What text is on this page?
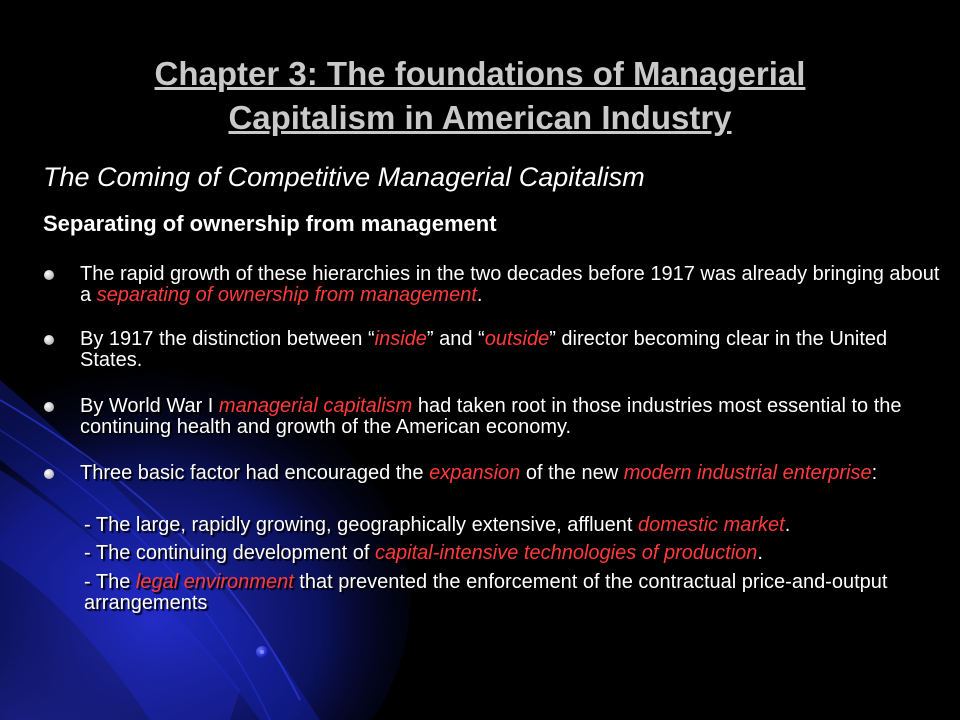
Chapter 3: The foundations of Managerial
Capitalism in American Industry
The Coming of Competitive Managerial Capitalism
Separating of ownership from management
The rapid growth of these hierarchies in the two decades before 1917 was already bringing about a separating of ownership from management.
By 1917 the distinction between “inside” and “outside” director becoming clear in the United States.
By World War I managerial capitalism had taken root in those industries most essential to the continuing health and growth of the American economy.
Three basic factor had encouraged the expansion of the new modern industrial enterprise:
- The large, rapidly growing, geographically extensive, affluent domestic market.
- The continuing development of capital-intensive technologies of production.
- The legal environment that prevented the enforcement of the contractual price-and-output arrangements
